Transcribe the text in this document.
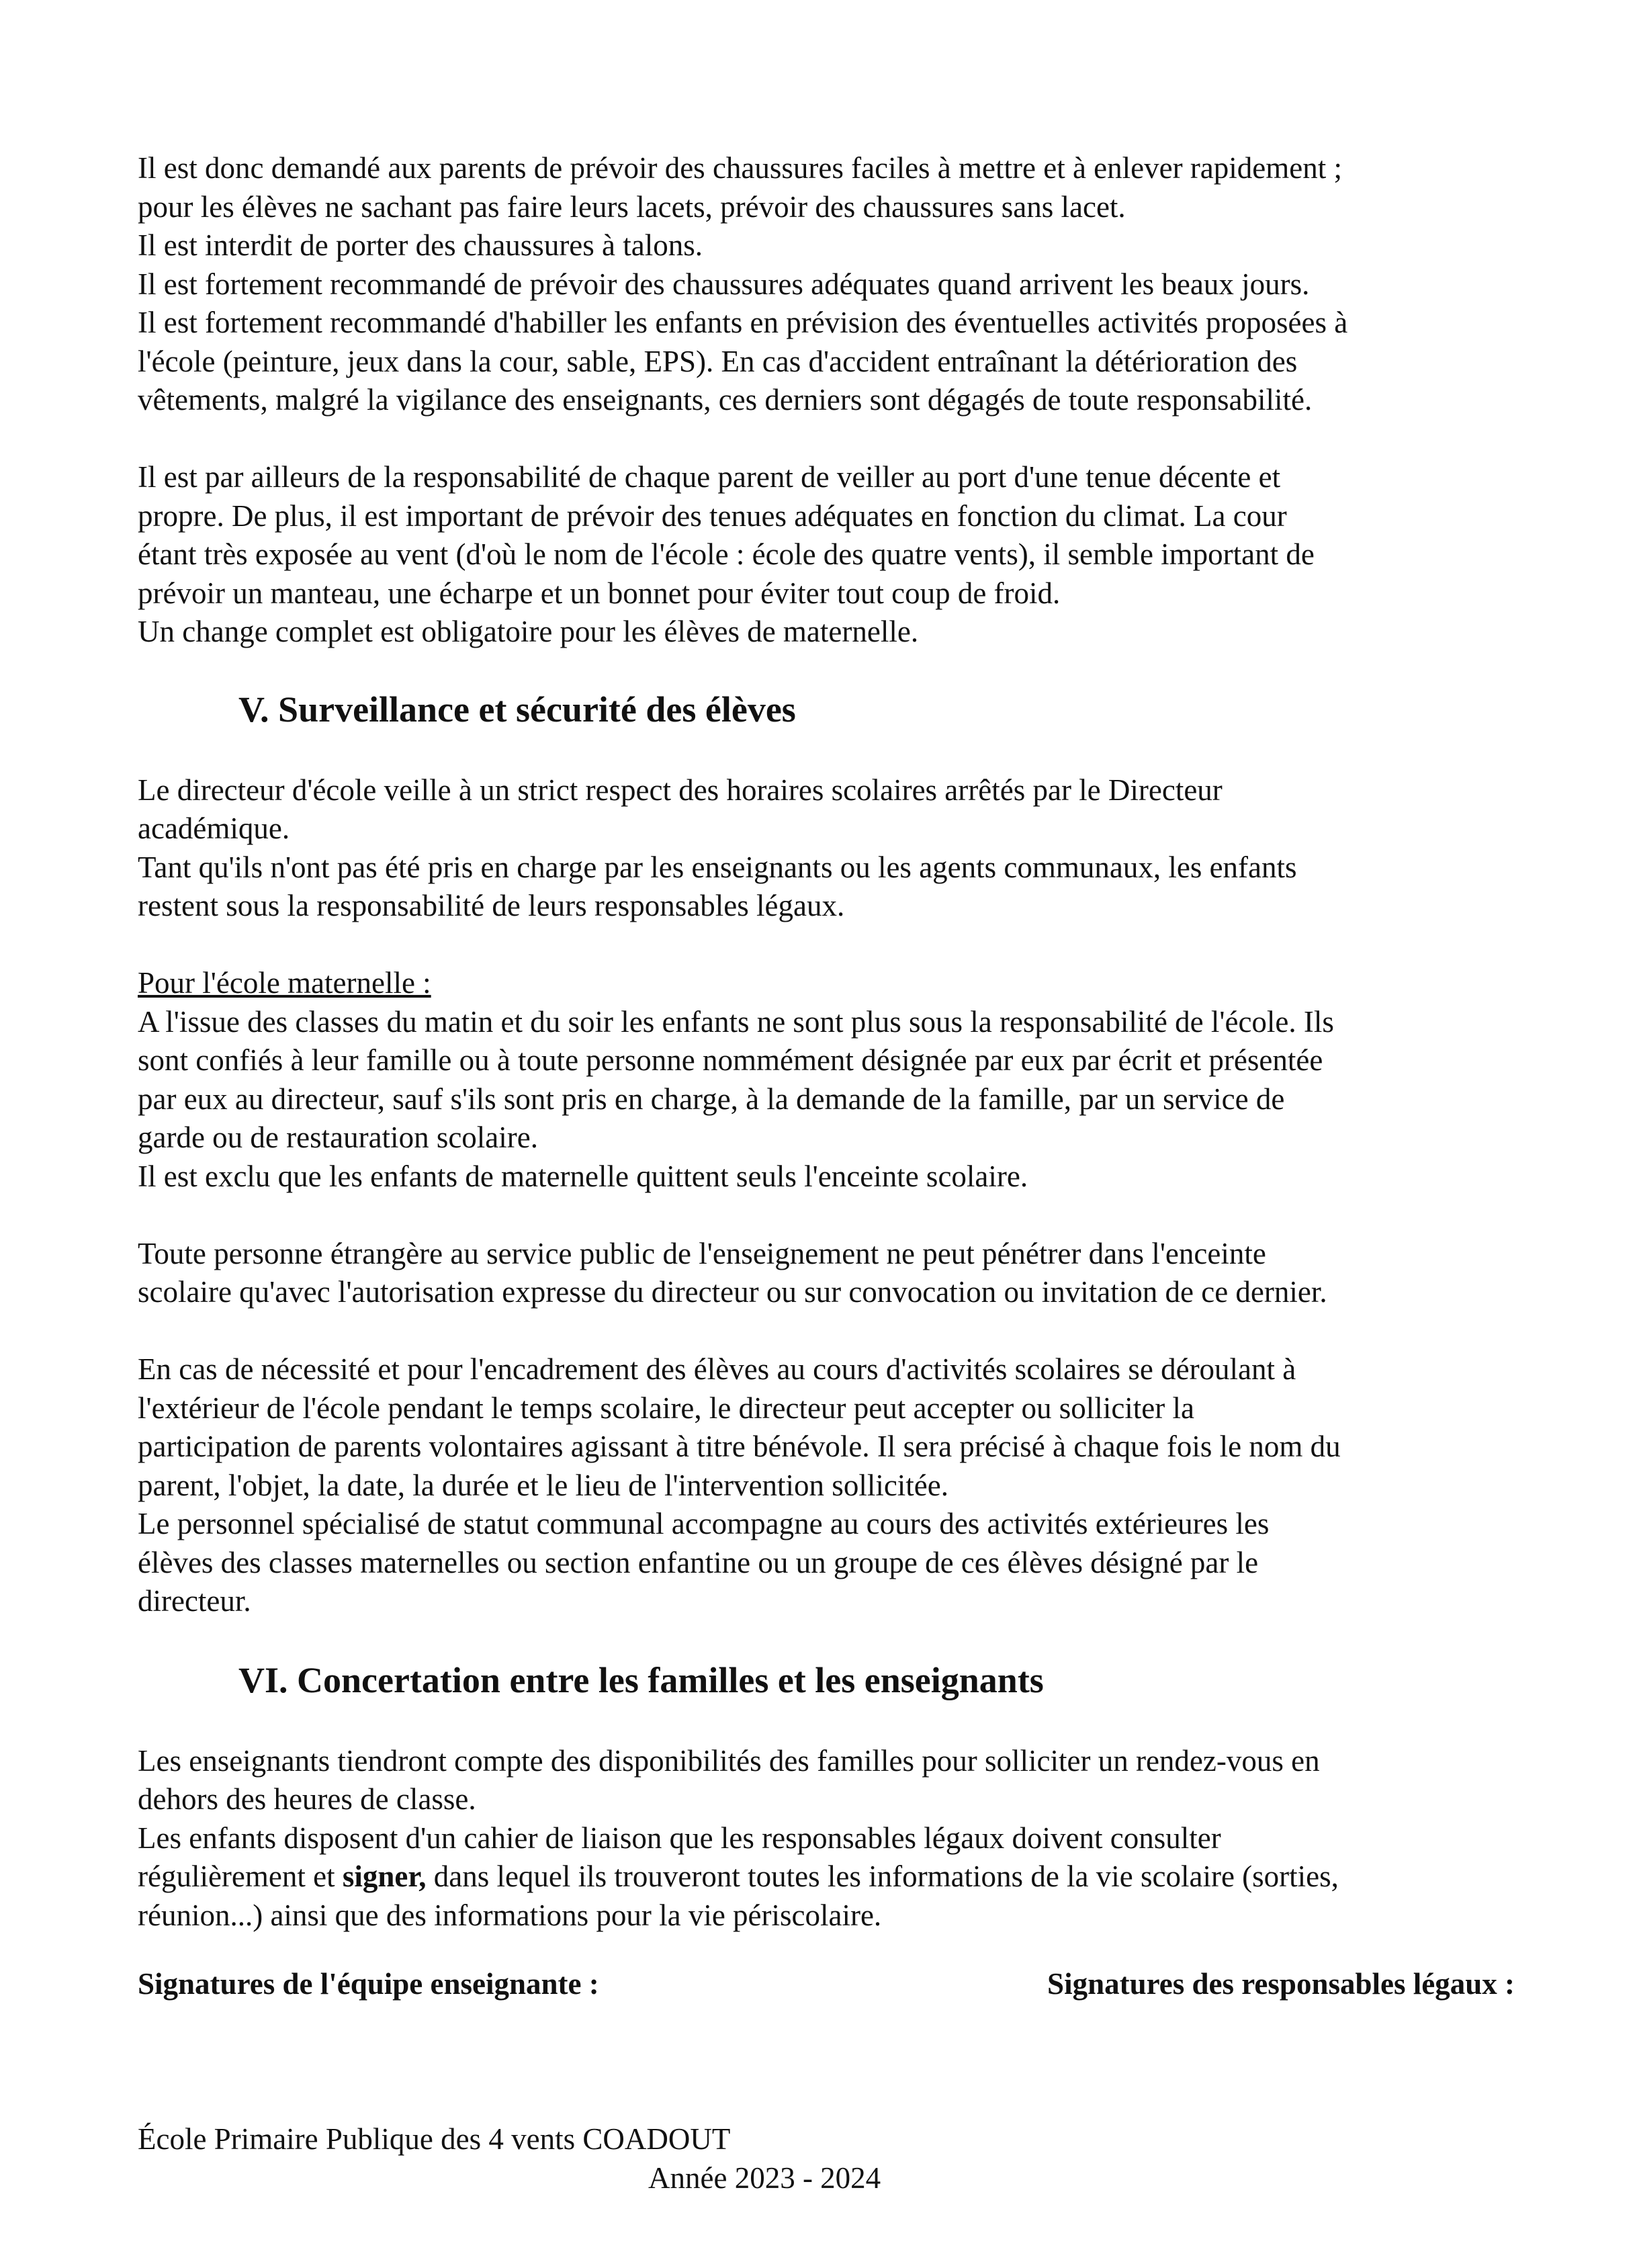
Il est donc demandé aux parents de prévoir des chaussures faciles à mettre et à enlever rapidement ;
pour les élèves ne sachant pas faire leurs lacets, prévoir des chaussures sans lacet.
Il est interdit de porter des chaussures à talons.
Il est fortement recommandé de prévoir des chaussures adéquates quand arrivent les beaux jours.
Il est fortement recommandé d'habiller les enfants en prévision des éventuelles activités proposées à
l'école (peinture, jeux dans la cour, sable, EPS). En cas d'accident entraînant la détérioration des
vêtements, malgré la vigilance des enseignants, ces derniers sont dégagés de toute responsabilité.

Il est par ailleurs de la responsabilité de chaque parent de veiller au port d'une tenue décente et
propre. De plus, il est important de prévoir des tenues adéquates en fonction du climat. La cour
étant très exposée au vent (d'où le nom de l'école : école des quatre vents), il semble important de
prévoir un manteau, une écharpe et un bonnet pour éviter tout coup de froid.
Un change complet est obligatoire pour les élèves de maternelle.

V. Surveillance et sécurité des élèves

Le directeur d'école veille à un strict respect des horaires scolaires arrêtés par le Directeur
académique.
Tant qu'ils n'ont pas été pris en charge par les enseignants ou les agents communaux, les enfants
restent sous la responsabilité de leurs responsables légaux.

Pour l'école maternelle :
A l'issue des classes du matin et du soir les enfants ne sont plus sous la responsabilité de l'école. Ils
sont confiés à leur famille ou à toute personne nommément désignée par eux par écrit et présentée
par eux au directeur, sauf s'ils sont pris en charge, à la demande de la famille, par un service de
garde ou de restauration scolaire.
Il est exclu que les enfants de maternelle quittent seuls l'enceinte scolaire.

Toute personne étrangère au service public de l'enseignement ne peut pénétrer dans l'enceinte
scolaire qu'avec l'autorisation expresse du directeur ou sur convocation ou invitation de ce dernier.

En cas de nécessité et pour l'encadrement des élèves au cours d'activités scolaires se déroulant à
l'extérieur de l'école pendant le temps scolaire, le directeur peut accepter ou solliciter la
participation de parents volontaires agissant à titre bénévole. Il sera précisé à chaque fois le nom du
parent, l'objet, la date, la durée et le lieu de l'intervention sollicitée.
Le personnel spécialisé de statut communal accompagne au cours des activités extérieures les
élèves des classes maternelles ou section enfantine ou un groupe de ces élèves désigné par le
directeur.

VI. Concertation entre les familles et les enseignants

Les enseignants tiendront compte des disponibilités des familles pour solliciter un rendez-vous en
dehors des heures de classe.
Les enfants disposent d'un cahier de liaison que les responsables légaux doivent consulter
régulièrement et signer, dans lequel ils trouveront toutes les informations de la vie scolaire (sorties,
réunion...) ainsi que des informations pour la vie périscolaire.

Signatures de l'équipe enseignante :	Signatures des responsables légaux :
École Primaire Publique des 4 vents COADOUT
Année 2023 - 2024
